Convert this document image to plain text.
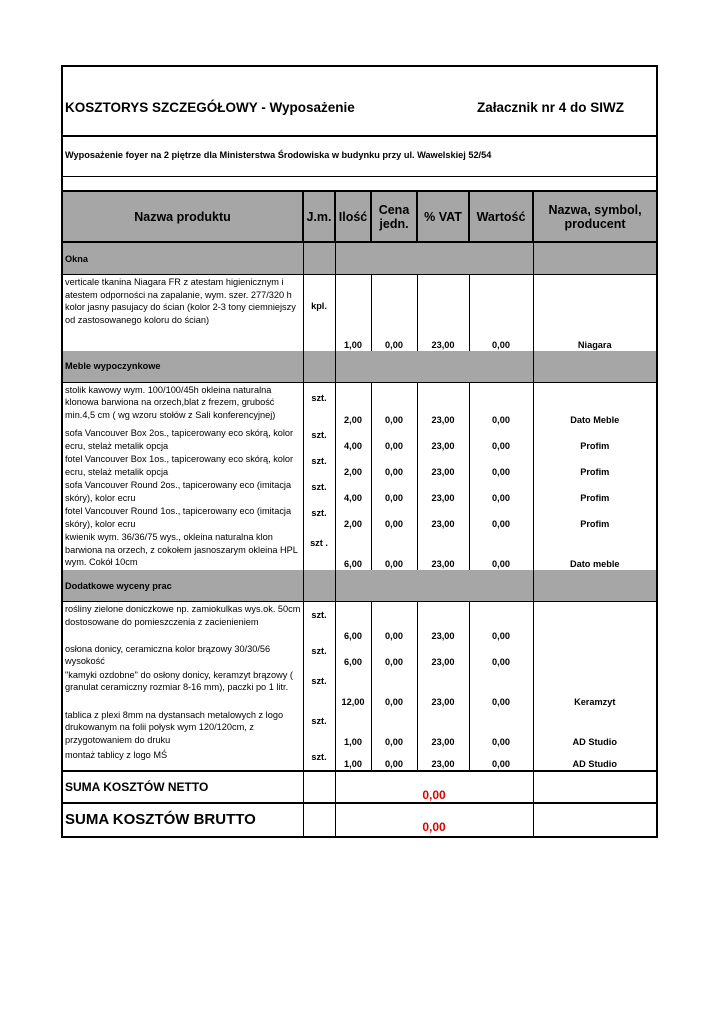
KOSZTORYS SZCZEGÓŁOWY - Wyposażenie	Załacznik nr 4 do SIWZ
Wyposażenie foyer na 2 piętrze dla Ministerstwa Środowiska w budynku przy ul. Wawelskiej 52/54
Nazwa produktu	J.m.	Ilość	Cena jedn.	% VAT	Wartość	Nazwa, symbol, producent
Okna						
verticale tkanina Niagara FR z atestam higienicznym i atestem odporności na zapalanie, wym. szer. 277/320 h kolor jasny pasujacy do ścian (kolor 2-3 tony ciemniejszy od zastosowanego koloru do ścian)	kpl.	1,00	0,00	23,00	0,00	Niagara
Meble wypoczynkowe						
stolik kawowy wym. 100/100/45h okleina naturalna klonowa barwiona na orzech,blat z frezem, grubość min.4,5 cm ( wg wzoru stołów z Sali konferencyjnej)	szt.	2,00	0,00	23,00	0,00	Dato Meble
sofa Vancouver Box 2os., tapicerowany eco skórą, kolor ecru, stelaż metalik opcja	szt.	4,00	0,00	23,00	0,00	Profim
fotel Vancouver Box 1os., tapicerowany eco skórą, kolor ecru, stelaż metalik opcja	szt.	2,00	0,00	23,00	0,00	Profim
sofa Vancouver Round 2os., tapicerowany eco (imitacja skóry), kolor ecru	szt.	4,00	0,00	23,00	0,00	Profim
fotel Vancouver Round 1os., tapicerowany eco (imitacja skóry), kolor ecru	szt.	2,00	0,00	23,00	0,00	Profim
kwienik wym. 36/36/75 wys., okleina naturalna klon barwiona na orzech, z cokołem jasnoszarym okleina HPL wym. Cokół 10cm	szt .	6,00	0,00	23,00	0,00	Dato meble
Dodatkowe wyceny prac						
rośliny zielone doniczkowe np. zamiokulkas wys.ok. 50cm dostosowane do pomieszczenia z zacienieniem	szt.	6,00	0,00	23,00	0,00	
osłona donicy, ceramiczna kolor brązowy 30/30/56 wysokość	szt.	6,00	0,00	23,00	0,00	
"kamyki ozdobne" do osłony donicy, keramzyt brązowy ( granulat ceramiczny rozmiar 8-16 mm), paczki po 1 litr.	szt.	12,00	0,00	23,00	0,00	Keramzyt
tablica z plexi 8mm na dystansach metalowych z logo drukowanym na folii połysk wym 120/120cm, z przygotowaniem do druku	szt.	1,00	0,00	23,00	0,00	AD Studio
montaż tablicy z logo MŚ	szt.	1,00	0,00	23,00	0,00	AD Studio
SUMA KOSZTÓW NETTO		0,00				
SUMA KOSZTÓW BRUTTO		0,00				
